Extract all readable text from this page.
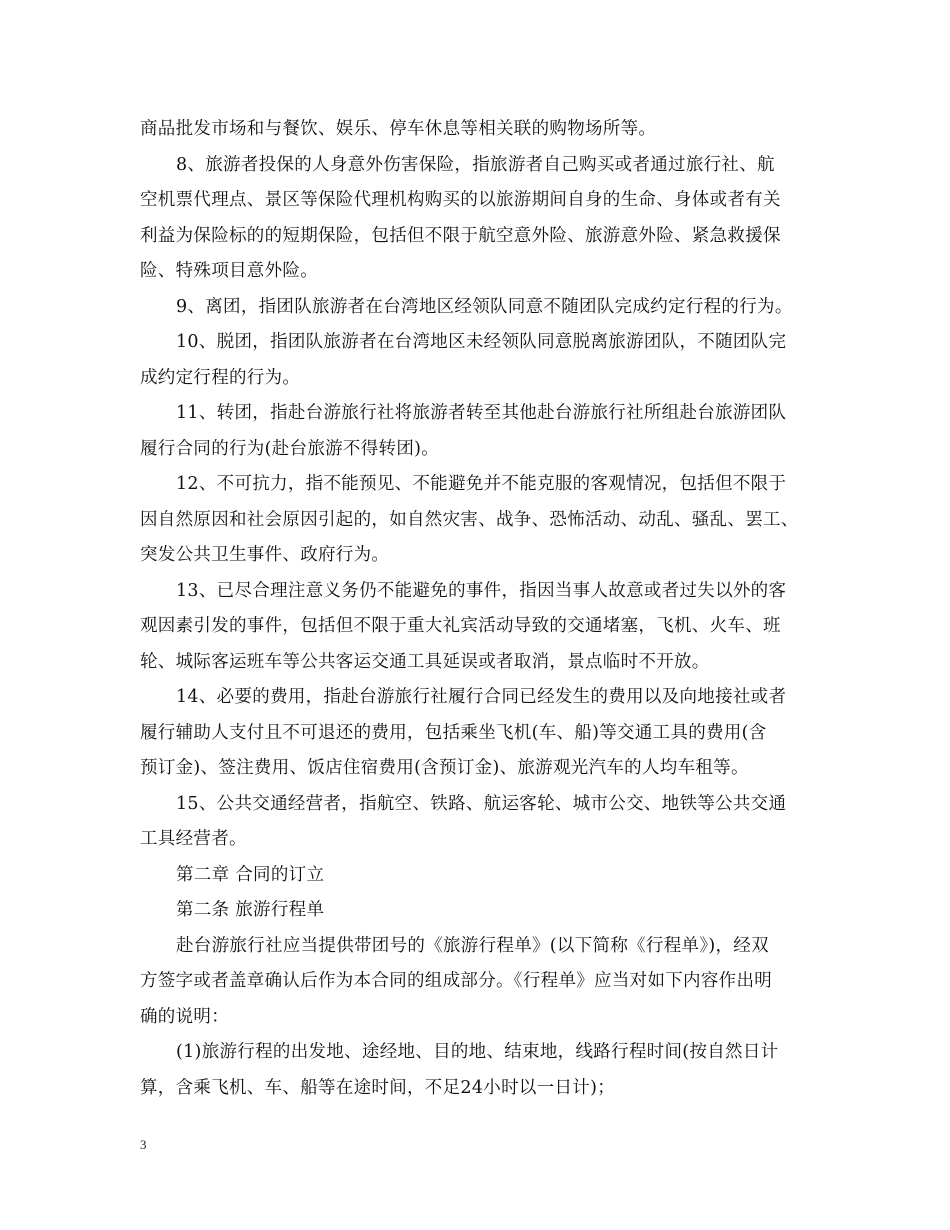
商品批发市场和与餐饮、娱乐、停车休息等相关联的购物场所等。
8、旅游者投保的人身意外伤害保险，指旅游者自己购买或者通过旅行社、航
空机票代理点、景区等保险代理机构购买的以旅游期间自身的生命、身体或者有关
利益为保险标的的短期保险，包括但不限于航空意外险、旅游意外险、紧急救援保
险、特殊项目意外险。
9、离团，指团队旅游者在台湾地区经领队同意不随团队完成约定行程的行为。
10、脱团，指团队旅游者在台湾地区未经领队同意脱离旅游团队，不随团队完
成约定行程的行为。
11、转团，指赴台游旅行社将旅游者转至其他赴台游旅行社所组赴台旅游团队
履行合同的行为(赴台旅游不得转团)。
12、不可抗力，指不能预见、不能避免并不能克服的客观情况，包括但不限于
因自然原因和社会原因引起的，如自然灾害、战争、恐怖活动、动乱、骚乱、罢工、
突发公共卫生事件、政府行为。
13、已尽合理注意义务仍不能避免的事件，指因当事人故意或者过失以外的客
观因素引发的事件，包括但不限于重大礼宾活动导致的交通堵塞，飞机、火车、班
轮、城际客运班车等公共客运交通工具延误或者取消，景点临时不开放。
14、必要的费用，指赴台游旅行社履行合同已经发生的费用以及向地接社或者
履行辅助人支付且不可退还的费用，包括乘坐飞机(车、船)等交通工具的费用(含
预订金)、签注费用、饭店住宿费用(含预订金)、旅游观光汽车的人均车租等。
15、公共交通经营者，指航空、铁路、航运客轮、城市公交、地铁等公共交通
工具经营者。
第二章 合同的订立
第二条 旅游行程单
赴台游旅行社应当提供带团号的《旅游行程单》(以下简称《行程单》)，经双
方签字或者盖章确认后作为本合同的组成部分。《行程单》应当对如下内容作出明
确的说明：
(1)旅游行程的出发地、途经地、目的地、结束地，线路行程时间(按自然日计
算，含乘飞机、车、船等在途时间，不足24小时以一日计)；
3
